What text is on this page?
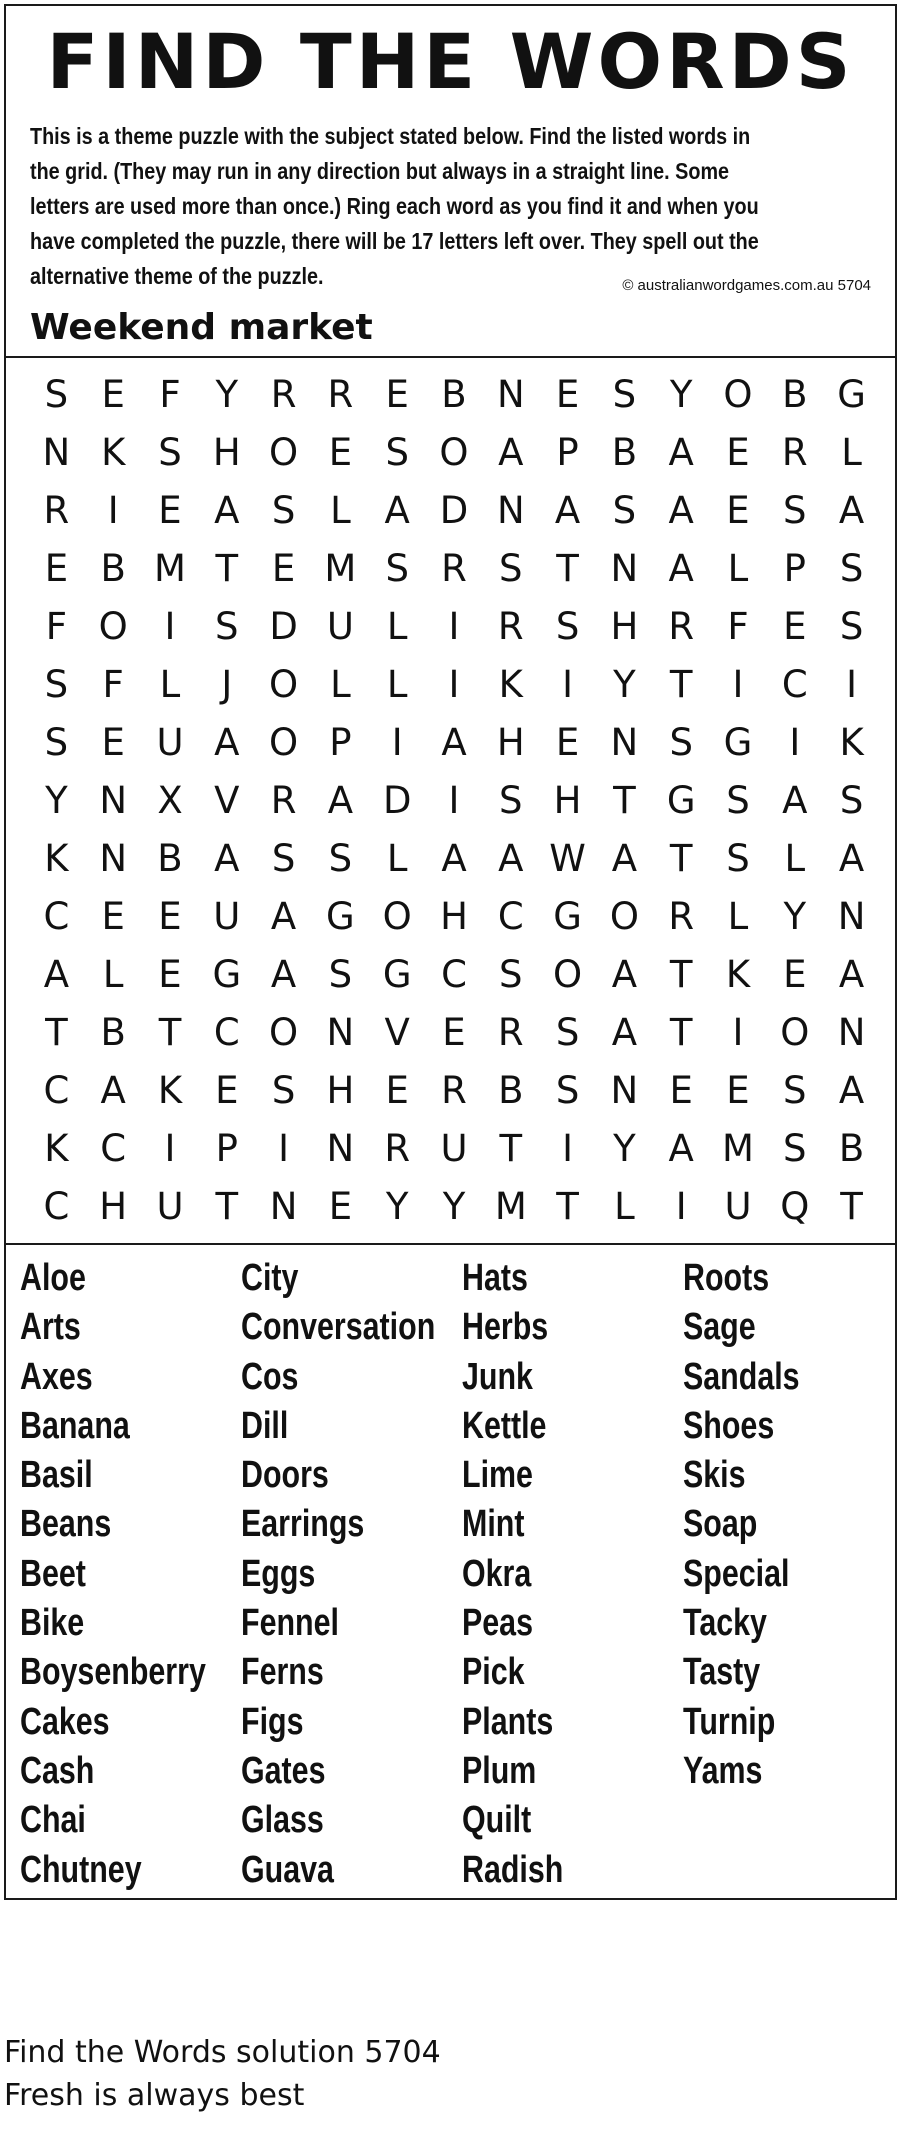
FIND THE WORDS
This is a theme puzzle with the subject stated below. Find the listed words in the grid. (They may run in any direction but always in a straight line. Some letters are used more than once.) Ring each word as you find it and when you have completed the puzzle, there will be 17 letters left over. They spell out the alternative theme of the puzzle.	© australianwordgames.com.au 5704
Weekend market
S E F Y R R E B N E S Y O B G
N K S H O E S O A P B A E R L
R	I	E A S L A D N A S A E S A
E B M T E M S R S T N A L P S
F O I	S D U L	I	R S H R F E S
S F L	J O L L	I	K	I	Y T	I	C	I
S E U A O P	I	A H E N S G	I	K
Y N X V R A D	I	S H T G S A S
K N B A S S L A A W A T S L A
C E E U A G O H C G O R L Y N
A L E G A S G C S O A T K E A
T B T C O N V E R S A T	I O N
C A K E S H E R B S N E E S A
K C	I	P	I	N R U T	I	Y A M S B
C H U T N E Y Y M T L	I	U Q T
Aloe
Arts
Axes
Banana
Basil
Beans
Beet
Bike
Boysenberry
Cakes
Cash
Chai
Chutney
City
Conversation
Cos
Dill
Doors
Earrings
Eggs
Fennel
Ferns
Figs
Gates
Glass
Guava
Hats
Herbs
Junk
Kettle
Lime
Mint
Okra
Peas
Pick
Plants
Plum
Quilt
Radish
Roots
Sage
Sandals
Shoes
Skis
Soap
Special
Tacky
Tasty
Turnip
Yams
Find the Words solution 5704
Fresh is always best
